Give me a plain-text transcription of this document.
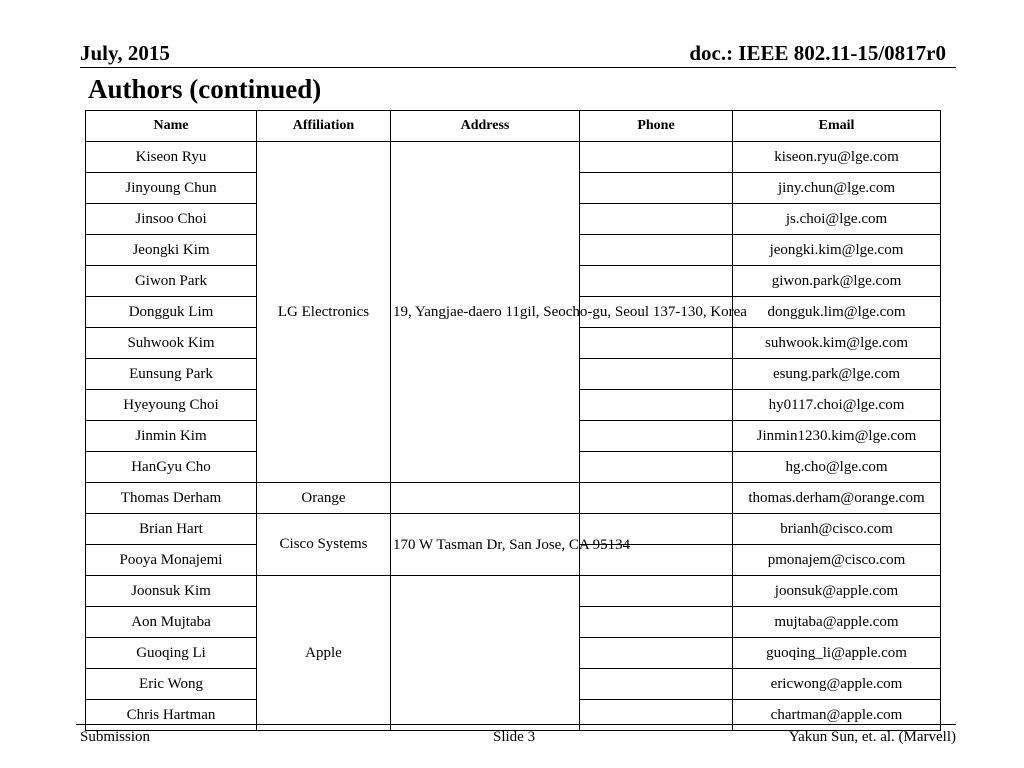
July, 2015	doc.: IEEE 802.11-15/0817r0
Authors (continued)
Name	Affiliation	Address	Phone	Email
Kiseon Ryu	LG Electronics	19, Yangjae-daero 11gil, Seocho-gu, Seoul 137-130, Korea		kiseon.ryu@lge.com
Jinyoung Chun				jiny.chun@lge.com
Jinsoo Choi				js.choi@lge.com
Jeongki Kim				jeongki.kim@lge.com
Giwon Park				giwon.park@lge.com
Dongguk Lim				dongguk.lim@lge.com
Suhwook Kim				suhwook.kim@lge.com
Eunsung Park				esung.park@lge.com
Hyeyoung Choi				hy0117.choi@lge.com
Jinmin Kim				Jinmin1230.kim@lge.com
HanGyu Cho				hg.cho@lge.com
Thomas Derham	Orange			thomas.derham@orange.com
Brian Hart	Cisco Systems	170 W Tasman Dr, San Jose, CA 95134		brianh@cisco.com
Pooya Monajemi				pmonajem@cisco.com
Joonsuk Kim	Apple			joonsuk@apple.com
Aon Mujtaba				mujtaba@apple.com
Guoqing Li				guoqing_li@apple.com
Eric Wong				ericwong@apple.com
Chris Hartman				chartman@apple.com
Submission	Slide 3	Yakun Sun, et. al. (Marvell)
